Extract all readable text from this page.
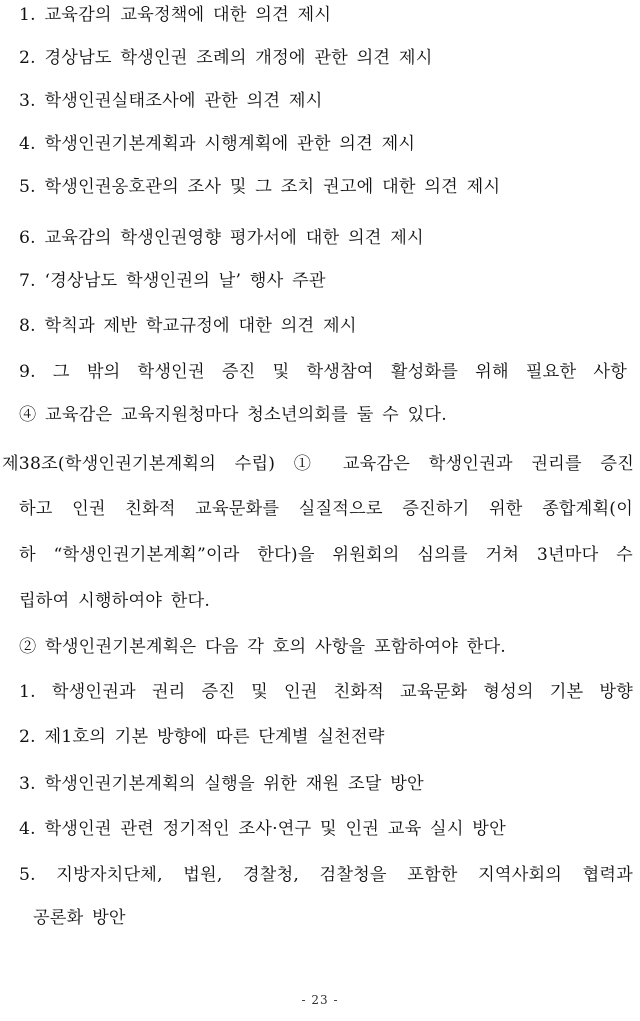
1. 교육감의 교육정책에 대한 의견 제시
2. 경상남도 학생인권 조례의 개정에 관한 의견 제시
3. 학생인권실태조사에 관한 의견 제시
4. 학생인권기본계획과 시행계획에 관한 의견 제시
5. 학생인권옹호관의 조사 및 그 조치 권고에 대한 의견 제시
6. 교육감의 학생인권영향 평가서에 대한 의견 제시
7. ‘경상남도 학생인권의 날’ 행사 주관
8. 학칙과 제반 학교규정에 대한 의견 제시
9. 그 밖의 학생인권 증진 및 학생참여 활성화를 위해 필요한 사항
④ 교육감은 교육지원청마다 청소년의회를 둘 수 있다.
제38조(학생인권기본계획의 수립) ① 교육감은 학생인권과 권리를 증진
하고 인권 친화적 교육문화를 실질적으로 증진하기 위한 종합계획(이
하 “학생인권기본계획”이라 한다)을 위원회의 심의를 거쳐 3년마다 수
립하여 시행하여야 한다.
② 학생인권기본계획은 다음 각 호의 사항을 포함하여야 한다.
1. 학생인권과 권리 증진 및 인권 친화적 교육문화 형성의 기본 방향
2. 제1호의 기본 방향에 따른 단계별 실천전략
3. 학생인권기본계획의 실행을 위한 재원 조달 방안
4. 학생인권 관련 정기적인 조사·연구 및 인권 교육 실시 방안
5. 지방자치단체, 법원, 경찰청, 검찰청을 포함한 지역사회의 협력과
공론화 방안
- 23 -
